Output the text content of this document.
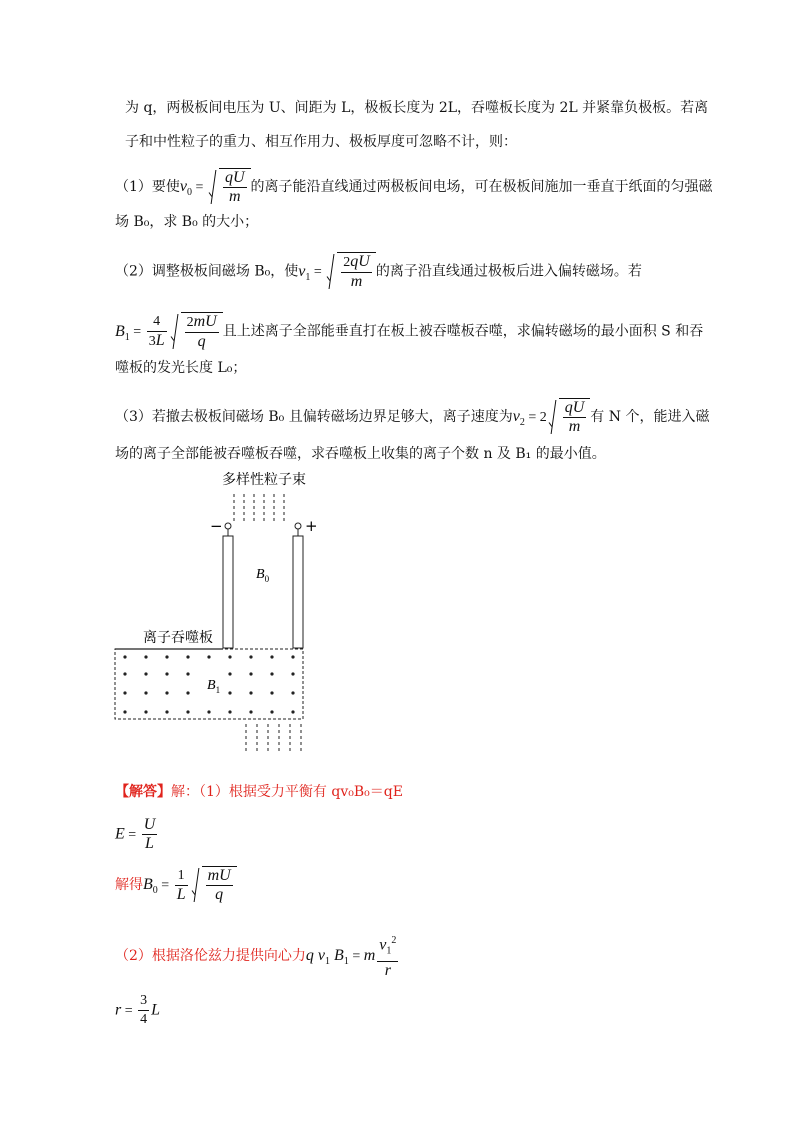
为 q，两极板间电压为 U、间距为 L，极板长度为 2L，吞噬板长度为 2L 并紧靠负极板。若离
子和中性粒子的重力、相互作用力、极板厚度可忽略不计，则：
（1）要使$v_0 = \frac{qU}{m}$ 的离子能沿直线通过两极板间电场，可在极板间施加一垂直于纸面的匀强磁
场 B₀，求 B₀ 的大小；
（2）调整极板间磁场 B₀，使$v_1 = \frac{2qU}{m}$ 的离子沿直线通过极板后进入偏转磁场。若
$B_1 = \frac{4}{3L} \frac{2mU}{q}$ 且上述离子全部能垂直打在板上被吞噬板吞噬，求偏转磁场的最小面积 S 和吞
噬板的发光长度 L₀；
（3）若撤去极板间磁场 B₀ 且偏转磁场边界足够大，离子速度为$v_2 = 2 \frac{qU}{m}$ 有 N 个，能进入磁
场的离子全部能被吞噬板吞噬，求吞噬板上收集的离子个数 n 及 B₁ 的最小值。
多样性粒子束
−	+
$B_0$
离子吞噬板
$B_1$
【解答】解：（1）根据受力平衡有 qv₀B₀＝qE
$E = \frac{U}{L}$
解得$B_0 = \frac{1}{L} \frac{mU}{q}$
（2）根据洛伦兹力提供向心力q $v_1$ $B_1 = m \frac{v_1^2}{r}$
$r = \frac{3}{4}$ L
